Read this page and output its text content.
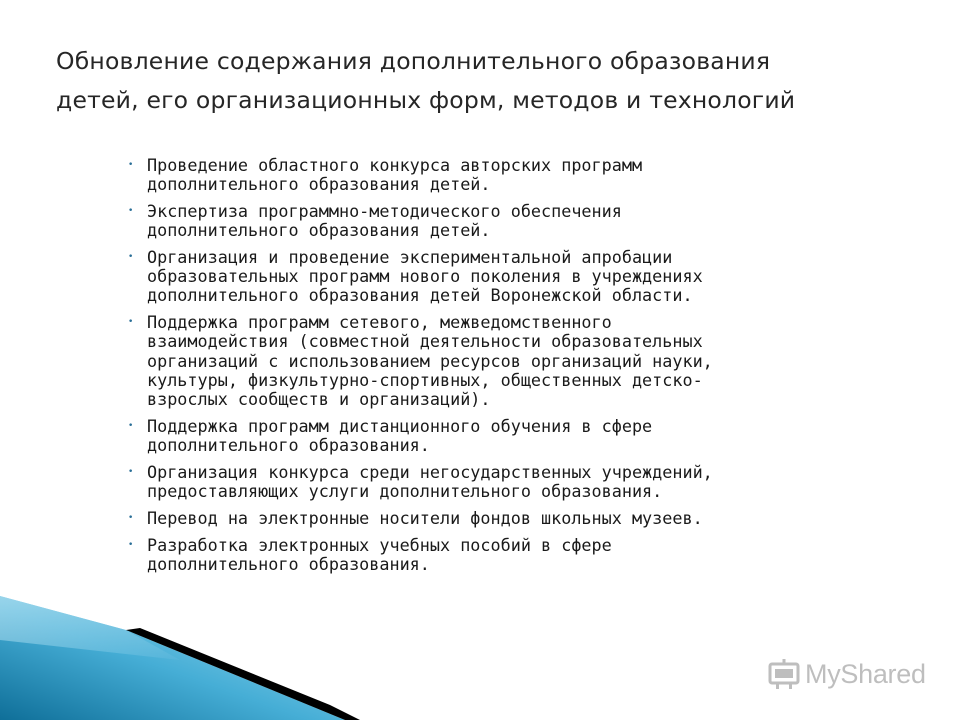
Обновление содержания дополнительного образования
детей, его организационных форм, методов и технологий
• Проведение областного конкурса авторских программ
дополнительного образования детей.
• Экспертиза программно-методического обеспечения
дополнительного образования детей.
• Организация и проведение экспериментальной апробации
образовательных программ нового поколения в учреждениях
дополнительного образования детей Воронежской области.
• Поддержка программ сетевого, межведомственного
взаимодействия (совместной деятельности образовательных
организаций с использованием ресурсов организаций науки,
культуры, физкультурно-спортивных, общественных детско-
взрослых сообществ и организаций).
• Поддержка программ дистанционного обучения в сфере
дополнительного образования.
• Организация конкурса среди негосударственных учреждений,
предоставляющих услуги дополнительного образования.
• Перевод на электронные носители фондов школьных музеев.
• Разработка электронных учебных пособий в сфере
дополнительного образования.
MyShared
